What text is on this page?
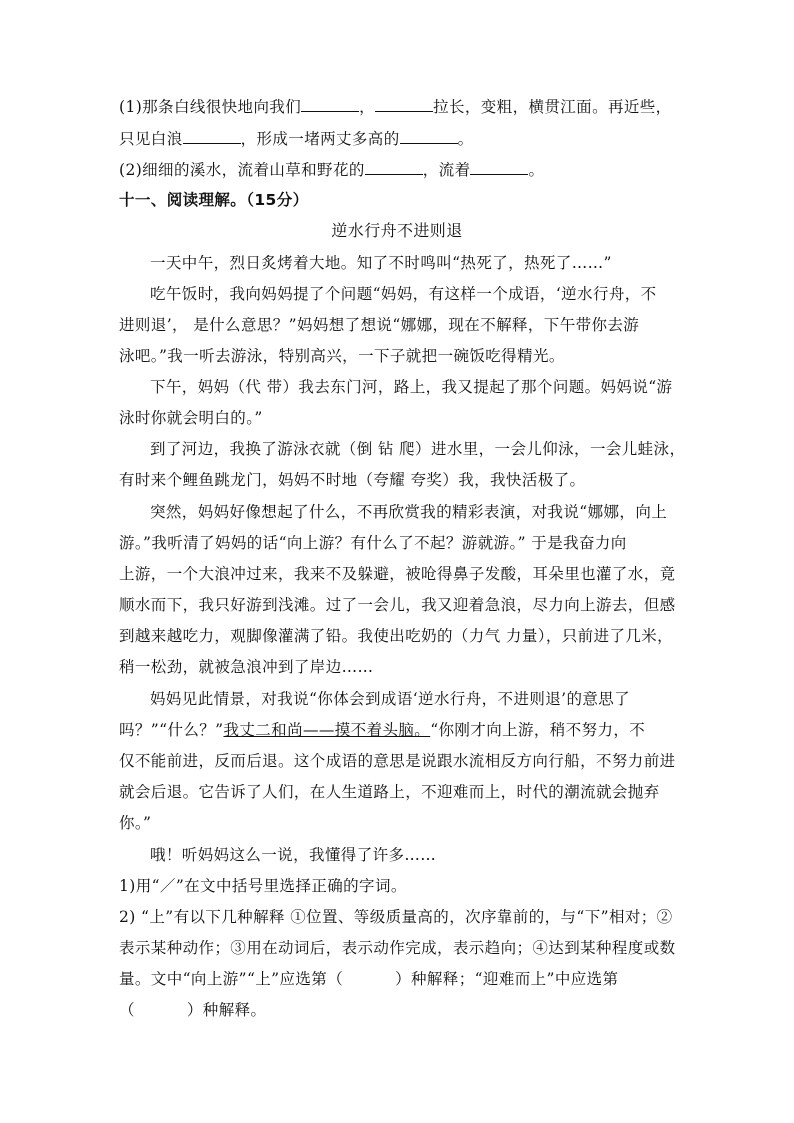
(1)那条白线很快地向我们	，	拉长，变粗，横贯江面。再近些，
只见白浪	，形成一堵两丈多高的	。
(2)细细的溪水，流着山草和野花的	，流着	。
十一、阅读理解。（15分）
逆水行舟不进则退
一天中午，烈日炙烤着大地。知了不时鸣叫“热死了，热死了……”
吃午饭时，我向妈妈提了个问题“妈妈，有这样一个成语，‘逆水行舟，不
进则退’， 是什么意思？”妈妈想了想说“娜娜，现在不解释，下午带你去游
泳吧。”我一听去游泳，特别高兴，一下子就把一碗饭吃得精光。
下午，妈妈（代 带）我去东门河，路上，我又提起了那个问题。妈妈说“游
泳时你就会明白的。”
到了河边，我换了游泳衣就（倒 钻 爬）进水里，一会儿仰泳，一会儿蛙泳，
有时来个鲤鱼跳龙门，妈妈不时地（夸耀 夸奖）我，我快活极了。
突然，妈妈好像想起了什么，不再欣赏我的精彩表演，对我说“娜娜，向上
游。”我听清了妈妈的话“向上游？有什么了不起？游就游。” 于是我奋力向
上游，一个大浪冲过来，我来不及躲避，被呛得鼻子发酸，耳朵里也灌了水，竟
顺水而下，我只好游到浅滩。过了一会儿，我又迎着急浪，尽力向上游去，但感
到越来越吃力，观脚像灌满了铅。我使出吃奶的（力气 力量），只前进了几米，
稍一松劲，就被急浪冲到了岸边……
妈妈见此情景，对我说“你体会到成语‘逆水行舟，不进则退’的意思了
吗？”“什么？”我丈二和尚——摸不着头脑。“你刚才向上游，稍不努力，不
仅不能前进，反而后退。这个成语的意思是说跟水流相反方向行船，不努力前进
就会后退。它告诉了人们，在人生道路上，不迎难而上，时代的潮流就会抛弃
你。”
哦！听妈妈这么一说，我懂得了许多……
1)用“／”在文中括号里选择正确的字词。
2) “上”有以下几种解释 ①位置、等级质量高的，次序靠前的，与“下”相对；②
表示某种动作；③用在动词后，表示动作完成，表示趋向；④达到某种程度或数
量。文中“向上游”“上”应选第（	）种解释；“迎难而上”中应选第
（	）种解释。
